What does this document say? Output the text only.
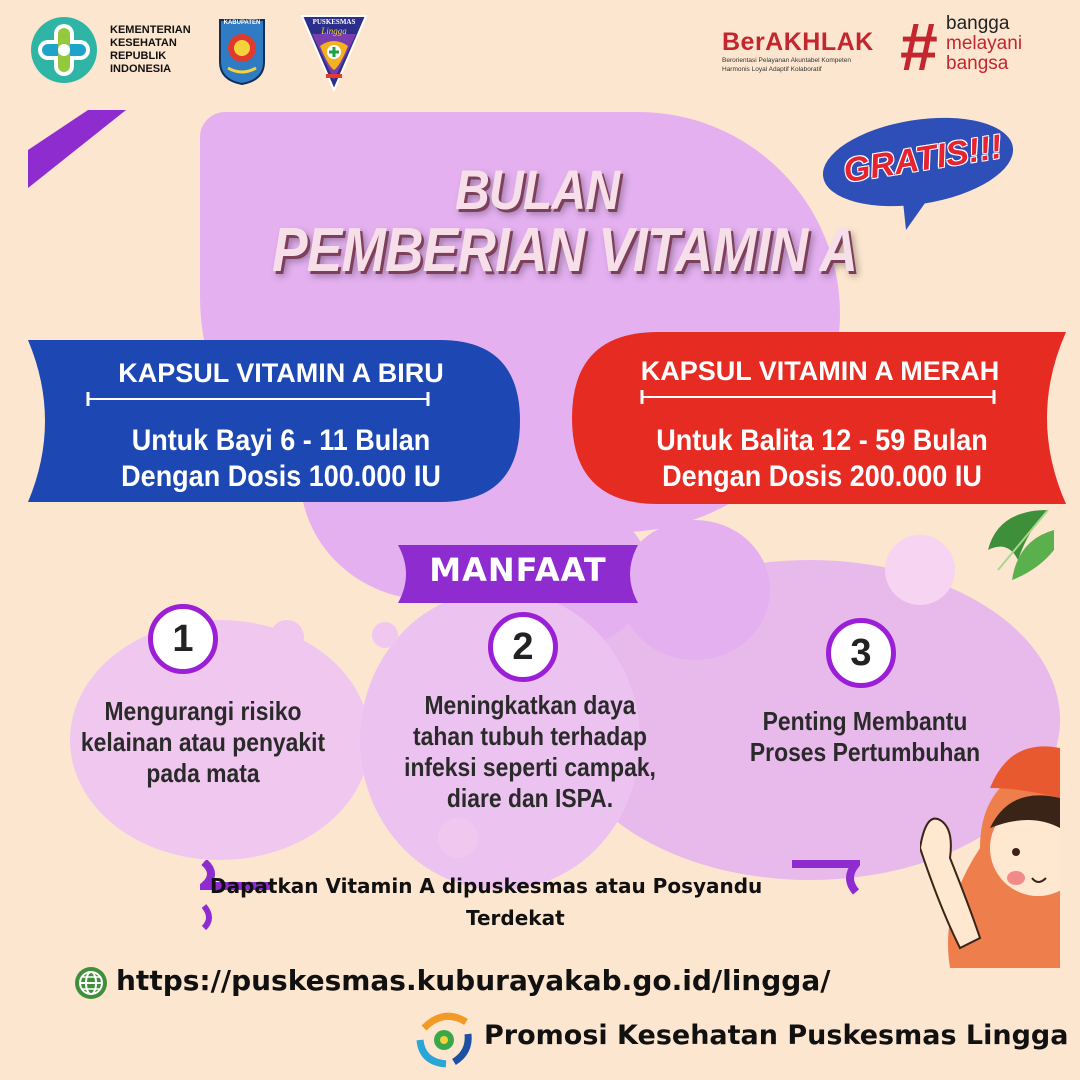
KEMENTERIAN
KESEHATAN
REPUBLIK
INDONESIA
KABUPATEN	PUSKESMAS
Lingga	BerAKHLAK
Berorientasi Pelayanan Akuntabel Kompeten
Harmonis Loyal Adaptif Kolaboratif	# bangga
melayani
bangsa
BULAN
PEMBERIAN VITAMIN A
GRATIS!!!
KAPSUL VITAMIN A BIRU
Untuk Bayi 6 - 11 Bulan
Dengan Dosis 100.000 IU
KAPSUL VITAMIN A MERAH
Untuk Balita 12 - 59 Bulan
Dengan Dosis 200.000 IU
MANFAAT
1	2	3
Mengurangi risiko
kelainan atau penyakit
pada mata
Meningkatkan daya
tahan tubuh terhadap
infeksi seperti campak,
diare dan ISPA.
Penting Membantu
Proses Pertumbuhan
Dapatkan Vitamin A dipuskesmas atau Posyandu
Terdekat
https://puskesmas.kuburayakab.go.id/lingga/
Promosi Kesehatan Puskesmas Lingga
